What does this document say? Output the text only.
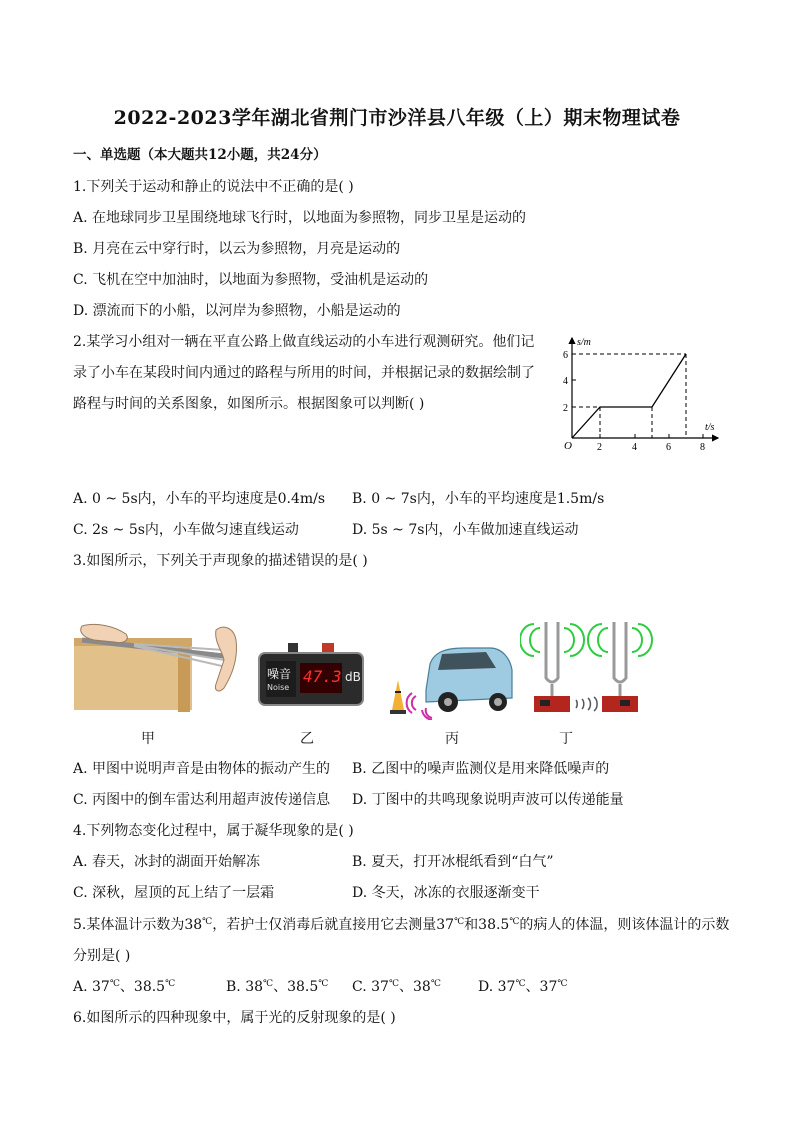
2022-2023学年湖北省荆门市沙洋县八年级（上）期末物理试卷
一、单选题（本大题共12小题，共24分）
1.下列关于运动和静止的说法中不正确的是( )
A. 在地球同步卫星围绕地球飞行时，以地面为参照物，同步卫星是运动的
B. 月亮在云中穿行时，以云为参照物，月亮是运动的
C. 飞机在空中加油时，以地面为参照物，受油机是运动的
D. 漂流而下的小船，以河岸为参照物，小船是运动的
2.某学习小组对一辆在平直公路上做直线运动的小车进行观测研究。他们记
录了小车在某段时间内通过的路程与所用的时间，并根据记录的数据绘制了
路程与时间的关系图象，如图所示。根据图象可以判断( )
s/m
t/s
O	2	4	6	8
2
4
6
A. 0 ~ 5s内，小车的平均速度是0.4m/s B. 0 ~ 7s内，小车的平均速度是1.5m/s
C. 2s ~ 5s内，小车做匀速直线运动	D. 5s ~ 7s内，小车做加速直线运动
3.如图所示，下列关于声现象的描述错误的是( )
甲
噪音
Noise
47.3 dB
乙	丙	丁
A. 甲图中说明声音是由物体的振动产生的 B. 乙图中的噪声监测仪是用来降低噪声的
C. 丙图中的倒车雷达利用超声波传递信息 D. 丁图中的共鸣现象说明声波可以传递能量
4.下列物态变化过程中，属于凝华现象的是( )
A. 春天，冰封的湖面开始解冻	B. 夏天，打开冰棍纸看到“白气”
C. 深秋，屋顶的瓦上结了一层霜	D. 冬天，冰冻的衣服逐渐变干
5.某体温计示数为38℃，若护士仅消毒后就直接用它去测量37℃和38.5℃的病人的体温，则该体温计的示数
分别是( )
A. 37℃、38.5℃	B. 38℃、38.5℃ C. 37℃、38℃	D. 37℃、37℃
6.如图所示的四种现象中，属于光的反射现象的是( )
